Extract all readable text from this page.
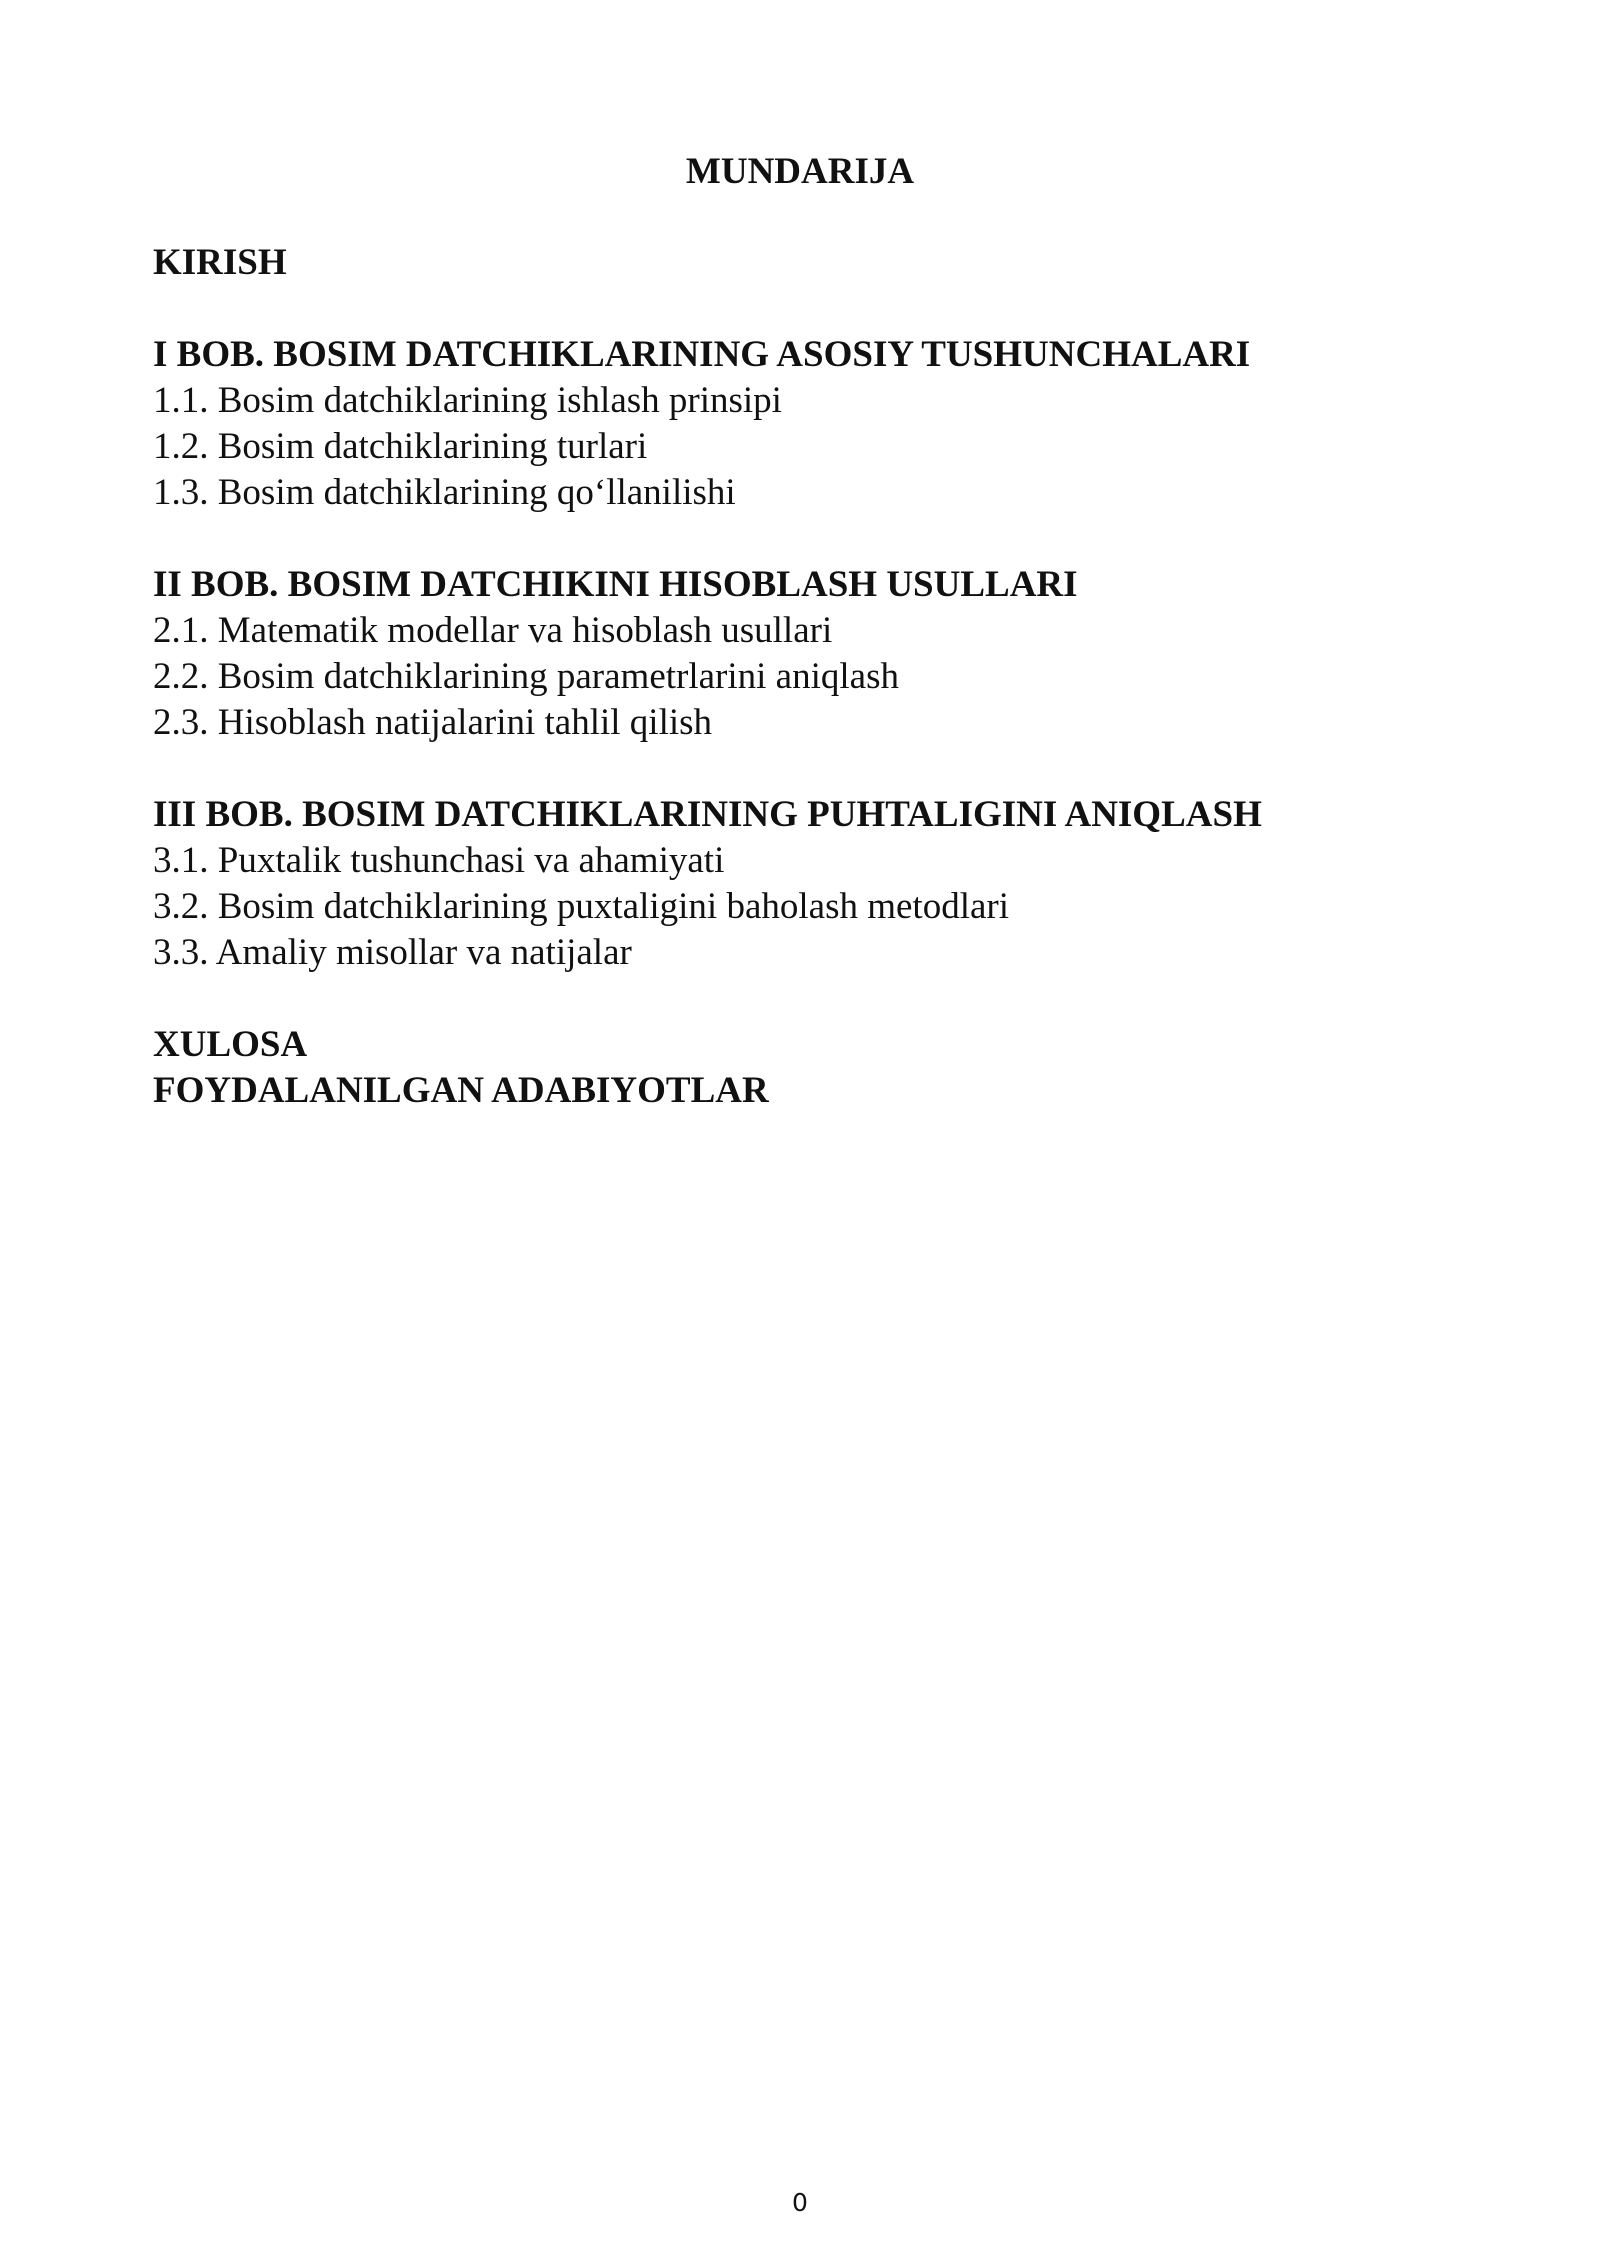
MUNDARIJA
KIRISH
I BOB. BOSIM DATCHIKLARINING ASOSIY TUSHUNCHALARI
1.1. Bosim datchiklarining ishlash prinsipi
1.2. Bosim datchiklarining turlari
1.3. Bosim datchiklarining qo‘llanilishi
II BOB. BOSIM DATCHIKINI HISOBLASH USULLARI
2.1. Matematik modellar va hisoblash usullari
2.2. Bosim datchiklarining parametrlarini aniqlash
2.3. Hisoblash natijalarini tahlil qilish
III BOB. BOSIM DATCHIKLARINING PUHTALIGINI ANIQLASH
3.1. Puxtalik tushunchasi va ahamiyati
3.2. Bosim datchiklarining puxtaligini baholash metodlari
3.3. Amaliy misollar va natijalar
XULOSA
FOYDALANILGAN ADABIYOTLAR
0
